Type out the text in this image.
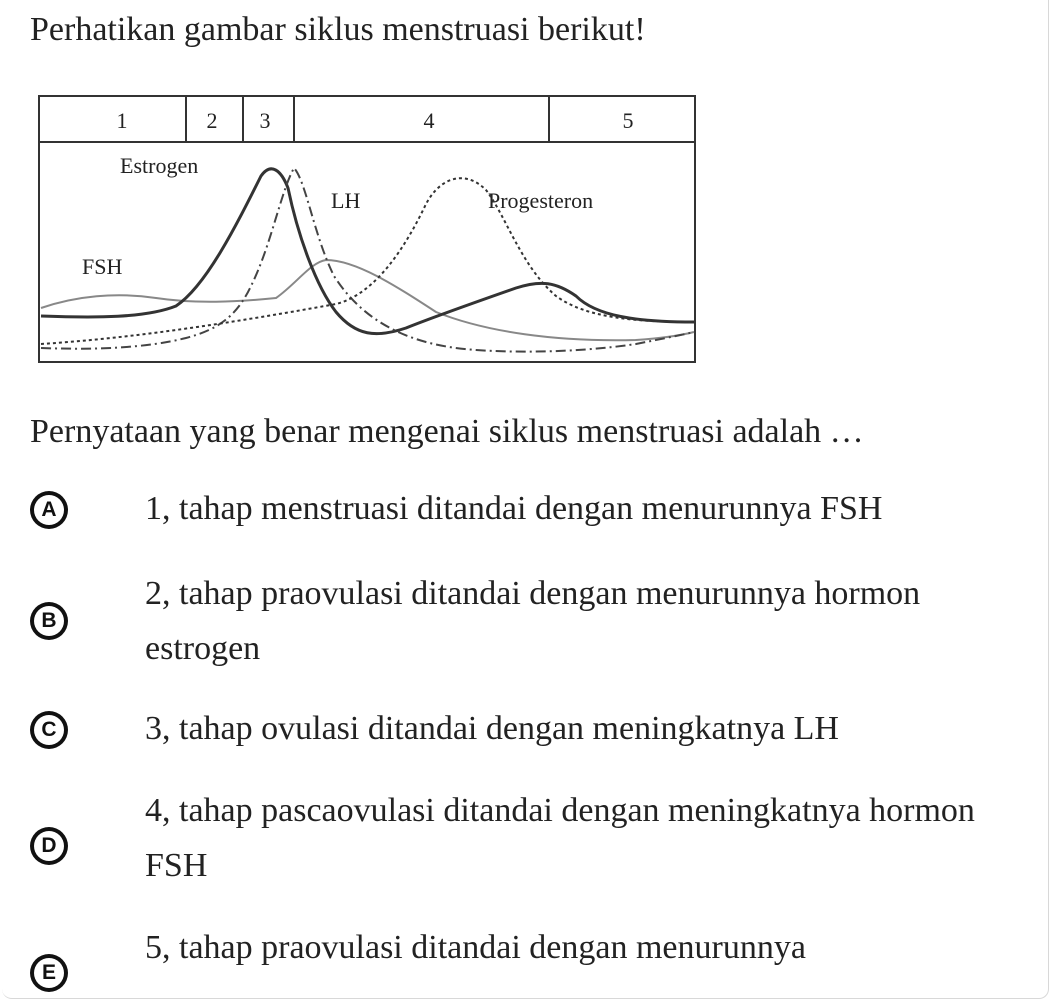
Perhatikan gambar siklus menstruasi berikut!
1	2 3	4	5
Estrogen
LH
FSH
Progesteron
Pernyataan yang benar mengenai siklus menstruasi adalah …
A	1, tahap menstruasi ditandai dengan menurunnya FSH
B
2, tahap praovulasi ditandai dengan menurunnya hormon estrogen
C	3, tahap ovulasi ditandai dengan meningkatnya LH
D
4, tahap pascaovulasi ditandai dengan meningkatnya hormon FSH
E
5, tahap praovulasi ditandai dengan menurunnya
